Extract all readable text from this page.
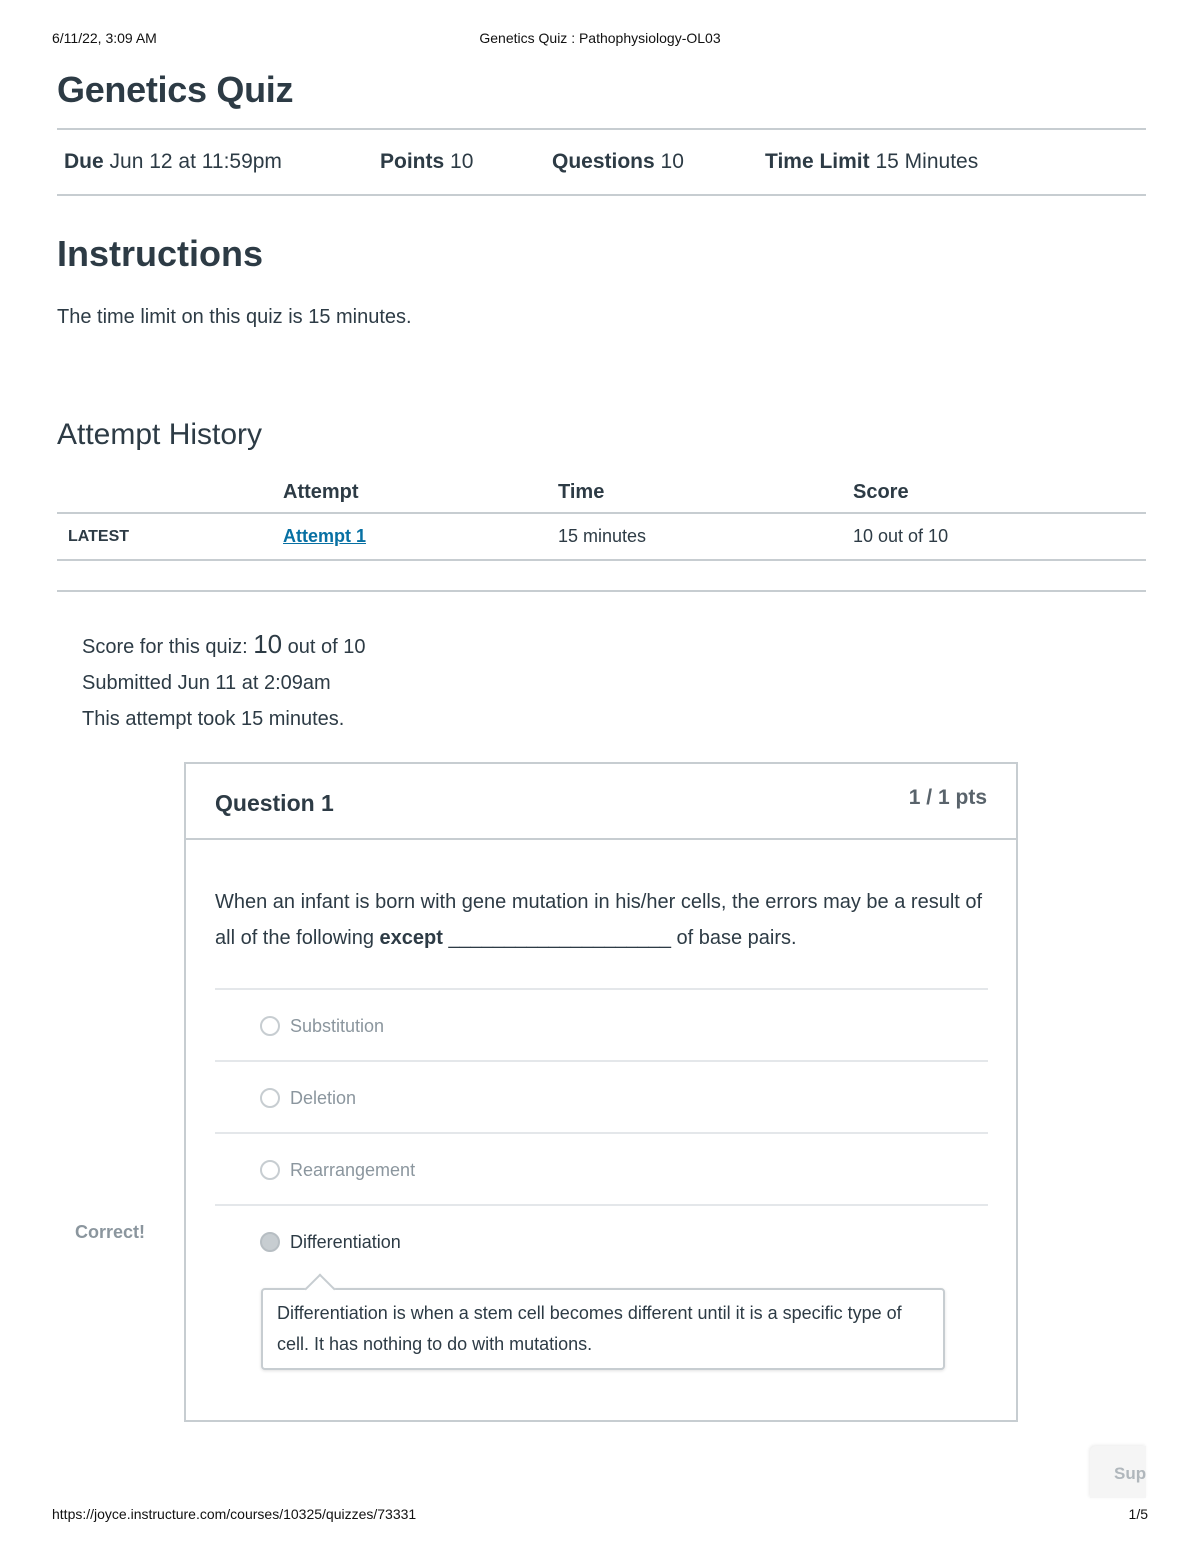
6/11/22, 3:09 AM	Genetics Quiz : Pathophysiology-OL03
Genetics Quiz
Due Jun 12 at 11:59pm	Points 10	Questions 10	Time Limit 15 Minutes
Instructions
The time limit on this quiz is 15 minutes.
Attempt History
	Attempt	Time	Score
LATEST	Attempt 1	15 minutes	10 out of 10
Score for this quiz: 10 out of 10
Submitted Jun 11 at 2:09am
This attempt took 15 minutes.
Correct!
Question 1	1 / 1 pts
When an infant is born with gene mutation in his/her cells, the errors may be a result of all of the following except ____________________ of base pairs.
Substitution
Deletion
Rearrangement
Differentiation
Differentiation is when a stem cell becomes different until it is a specific type of cell. It has nothing to do with mutations.
Sup
https://joyce.instructure.com/courses/10325/quizzes/73331	1/5
